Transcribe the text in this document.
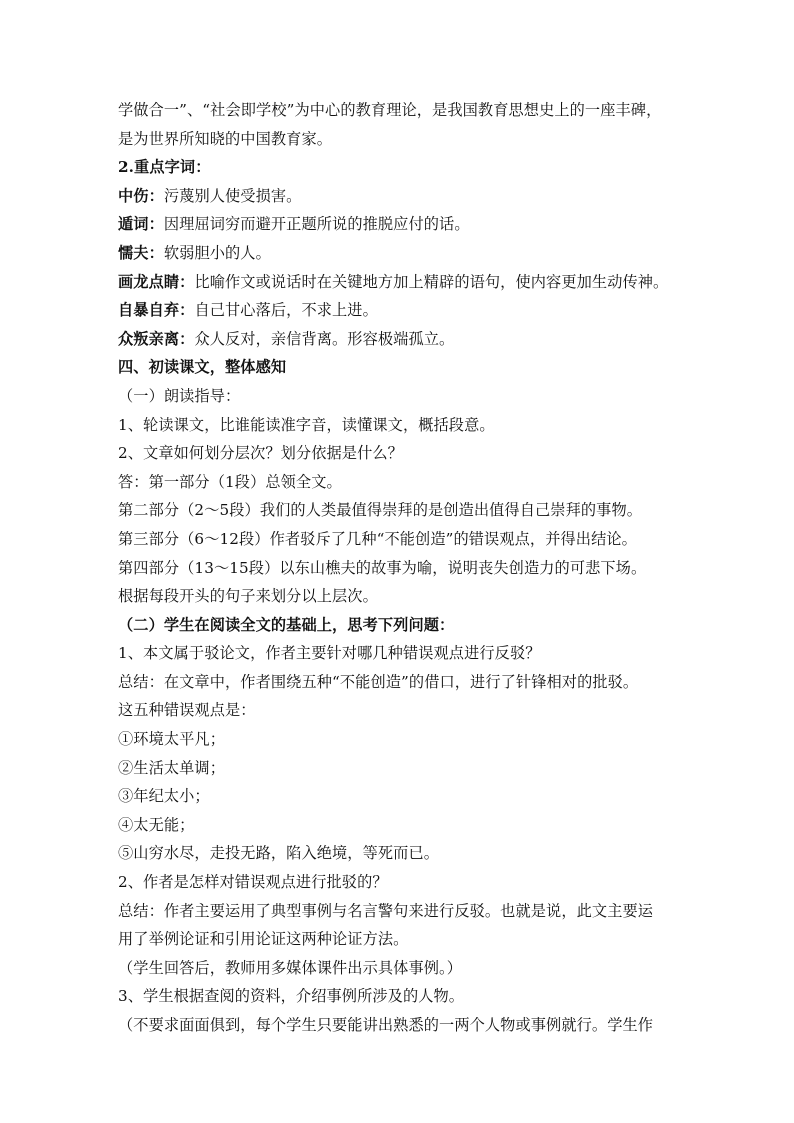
学做合一”、“社会即学校”为中心的教育理论，是我国教育思想史上的一座丰碑，
是为世界所知晓的中国教育家。
2.重点字词：
中伤：污蔑别人使受损害。
遁词：因理屈词穷而避开正题所说的推脱应付的话。
懦夫：软弱胆小的人。
画龙点睛：比喻作文或说话时在关键地方加上精辟的语句，使内容更加生动传神。
自暴自弃：自己甘心落后，不求上进。
众叛亲离：众人反对，亲信背离。形容极端孤立。
四、初读课文，整体感知
（一）朗读指导：
1、轮读课文，比谁能读准字音，读懂课文，概括段意。
2、文章如何划分层次？划分依据是什么？
答：第一部分（1段）总领全文。
第二部分（2～5段）我们的人类最值得崇拜的是创造出值得自己崇拜的事物。
第三部分（6～12段）作者驳斥了几种“不能创造”的错误观点，并得出结论。
第四部分（13～15段）以东山樵夫的故事为喻，说明丧失创造力的可悲下场。
根据每段开头的句子来划分以上层次。
（二）学生在阅读全文的基础上，思考下列问题：
1、本文属于驳论文，作者主要针对哪几种错误观点进行反驳？
总结：在文章中，作者围绕五种“不能创造”的借口，进行了针锋相对的批驳。
这五种错误观点是：
①环境太平凡；
②生活太单调；
③年纪太小；
④太无能；
⑤山穷水尽，走投无路，陷入绝境，等死而已。
2、作者是怎样对错误观点进行批驳的？
总结：作者主要运用了典型事例与名言警句来进行反驳。也就是说，此文主要运
用了举例论证和引用论证这两种论证方法。
（学生回答后，教师用多媒体课件出示具体事例。）
3、学生根据查阅的资料，介绍事例所涉及的人物。
（不要求面面俱到，每个学生只要能讲出熟悉的一两个人物或事例就行。学生作
